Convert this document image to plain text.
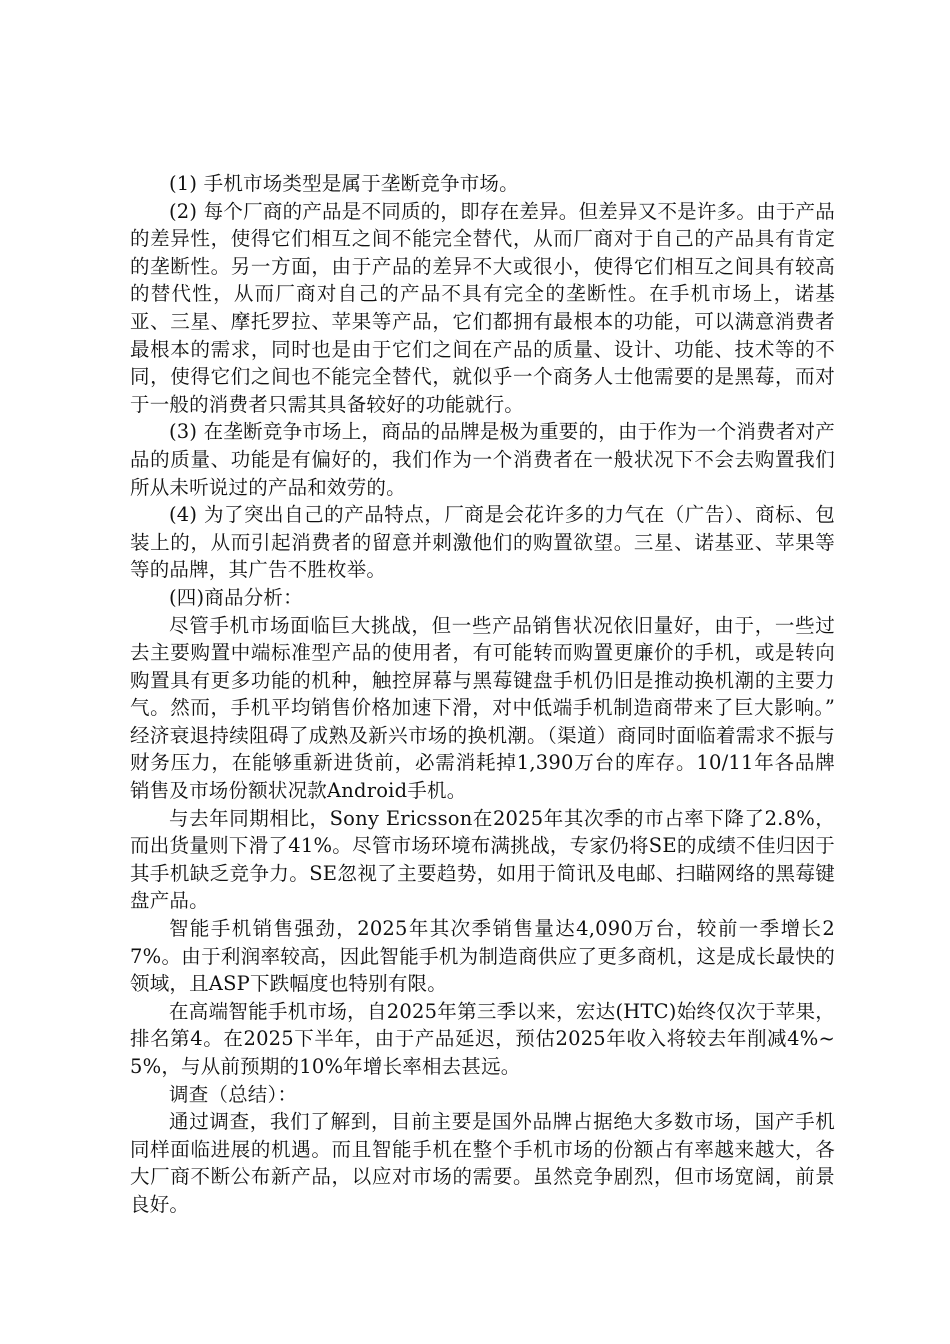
(1) 手机市场类型是属于垄断竞争市场。

(2) 每个厂商的产品是不同质的，即存在差异。但差异又不是许多。由于产品的差异性，使得它们相互之间不能完全替代，从而厂商对于自己的产品具有肯定的垄断性。另一方面，由于产品的差异不大或很小，使得它们相互之间具有较高的替代性，从而厂商对自己的产品不具有完全的垄断性。在手机市场上，诺基亚、三星、摩托罗拉、苹果等产品，它们都拥有最根本的功能，可以满意消费者最根本的需求，同时也是由于它们之间在产品的质量、设计、功能、技术等的不同，使得它们之间也不能完全替代，就似乎一个商务人士他需要的是黑莓，而对于一般的消费者只需其具备较好的功能就行。

(3) 在垄断竞争市场上，商品的品牌是极为重要的，由于作为一个消费者对产品的质量、功能是有偏好的，我们作为一个消费者在一般状况下不会去购置我们所从未听说过的产品和效劳的。

(4) 为了突出自己的产品特点，厂商是会花许多的力气在（广告）、商标、包装上的，从而引起消费者的留意并刺激他们的购置欲望。三星、诺基亚、苹果等等的品牌，其广告不胜枚举。

(四)商品分析：

尽管手机市场面临巨大挑战，但一些产品销售状况依旧量好，由于，一些过去主要购置中端标准型产品的使用者，有可能转而购置更廉价的手机，或是转向购置具有更多功能的机种，触控屏幕与黑莓键盘手机仍旧是推动换机潮的主要力气。然而，手机平均销售价格加速下滑，对中低端手机制造商带来了巨大影响。” 经济衰退持续阻碍了成熟及新兴市场的换机潮。（渠道）商同时面临着需求不振与财务压力，在能够重新进货前，必需消耗掉1,390万台的库存。10/11年各品牌销售及市场份额状况款Android手机。

与去年同期相比，Sony Ericsson在2025年其次季的市占率下降了2.8%，而出货量则下滑了41%。尽管市场环境布满挑战，专家仍将SE的成绩不佳归因于其手机缺乏竞争力。SE忽视了主要趋势，如用于简讯及电邮、扫瞄网络的黑莓键盘产品。

智能手机销售强劲，2025年其次季销售量达4,090万台，较前一季增长27%。由于利润率较高，因此智能手机为制造商供应了更多商机，这是成长最快的领域，且ASP下跌幅度也特别有限。

在高端智能手机市场，自2025年第三季以来，宏达(HTC)始终仅次于苹果，排名第4。在2025下半年，由于产品延迟，预估2025年收入将较去年削减4%~5%，与从前预期的10%年增长率相去甚远。

调查（总结）：

通过调查，我们了解到，目前主要是国外品牌占据绝大多数市场，国产手机同样面临进展的机遇。而且智能手机在整个手机市场的份额占有率越来越大，各大厂商不断公布新产品，以应对市场的需要。虽然竞争剧烈，但市场宽阔，前景良好。
